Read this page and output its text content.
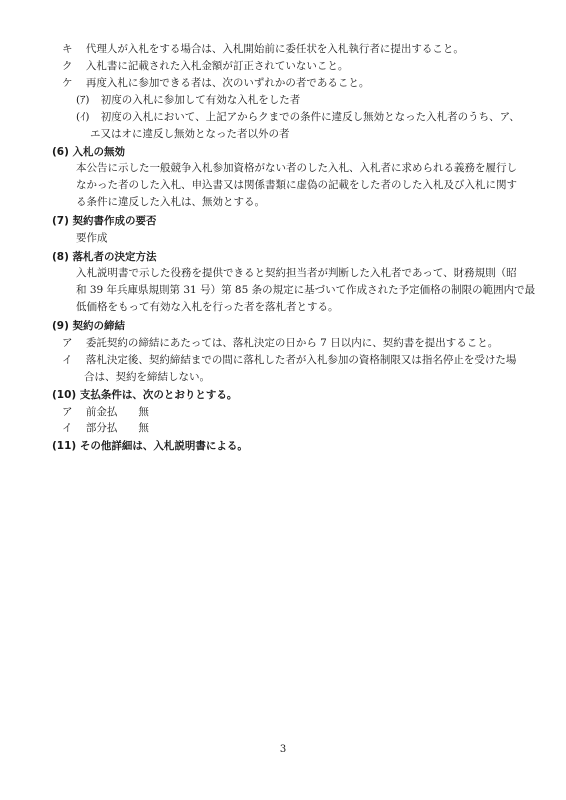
キ 代理人が入札をする場合は、入札開始前に委任状を入札執行者に提出すること。
ク 入札書に記載された入札金額が訂正されていないこと。
ケ 再度入札に参加できる者は、次のいずれかの者であること。
(ｱ) 初度の入札に参加して有効な入札をした者
(ｲ) 初度の入札において、上記アからクまでの条件に違反し無効となった入札者のうち、ア、
エ又はオに違反し無効となった者以外の者
(6) 入札の無効
本公告に示した一般競争入札参加資格がない者のした入札、入札者に求められる義務を履行し
なかった者のした入札、申込書又は関係書類に虚偽の記載をした者のした入札及び入札に関す
る条件に違反した入札は、無効とする。
(7) 契約書作成の要否
要作成
(8) 落札者の決定方法
入札説明書で示した役務を提供できると契約担当者が判断した入札者であって、財務規則（昭
和 39 年兵庫県規則第 31 号）第 85 条の規定に基づいて作成された予定価格の制限の範囲内で最
低価格をもって有効な入札を行った者を落札者とする。
(9) 契約の締結
ア 委託契約の締結にあたっては、落札決定の日から 7 日以内に、契約書を提出すること。
イ 落札決定後、契約締結までの間に落札した者が入札参加の資格制限又は指名停止を受けた場
合は、契約を締結しない。
(10) 支払条件は、次のとおりとする。
ア 前金払　　無
イ 部分払　　無
(11) その他詳細は、入札説明書による。
3
